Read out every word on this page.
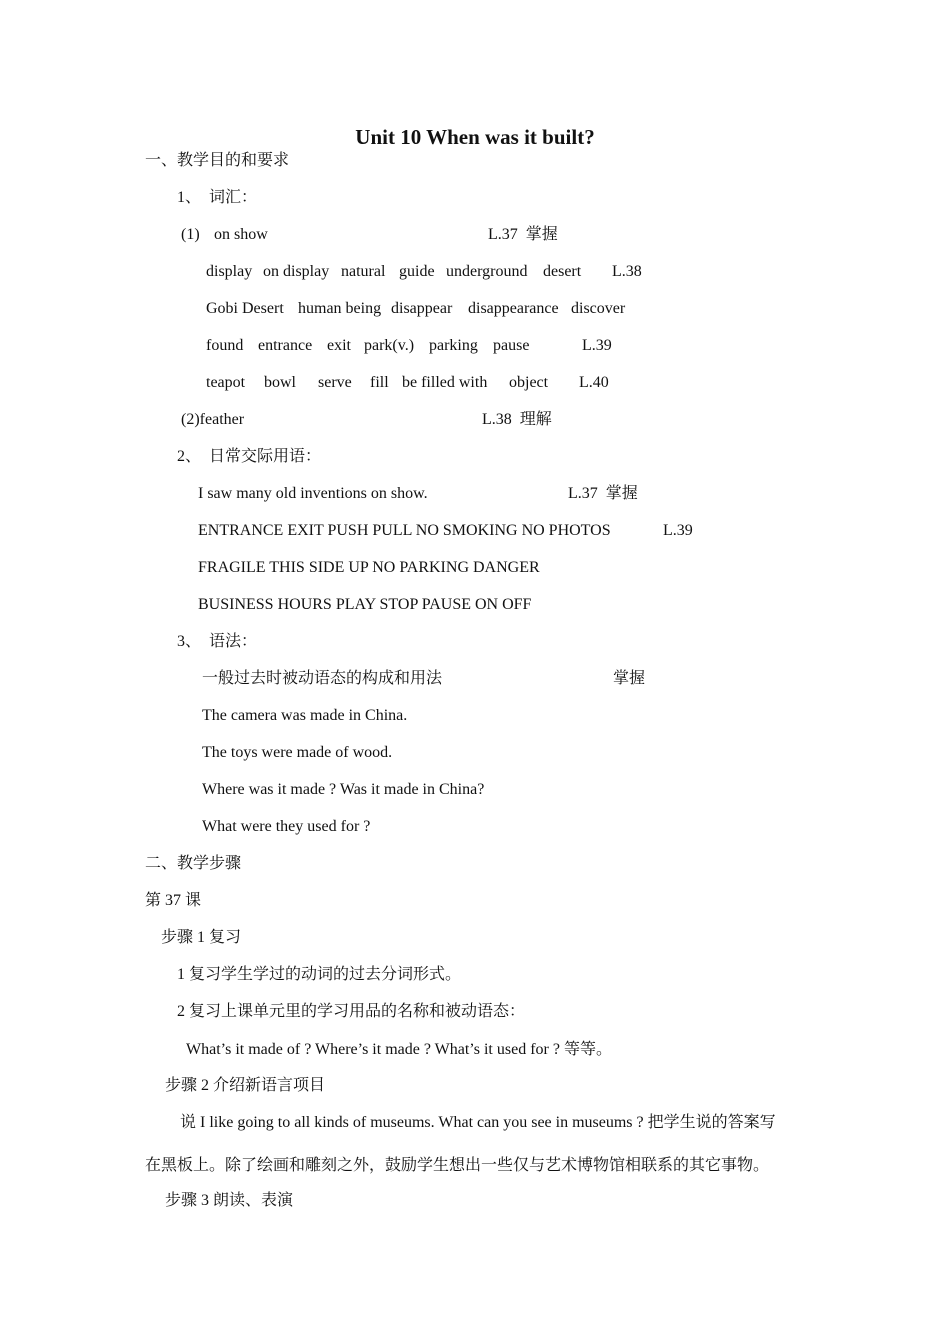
Unit 10 When was it built?
一、教学目的和要求
1、  词汇：
(1) on show	L.37  掌握
display on display natural guide underground desert L.38
Gobi Desert human being disappear disappearance discover
found entrance exit park(v.) parking pause	L.39
teapot bowl serve fill be filled with object L.40
(2)feather	L.38  理解
2、  日常交际用语：
I saw many old inventions on show.	L.37  掌握
ENTRANCE EXIT PUSH PULL NO SMOKING NO PHOTOS	L.39
FRAGILE THIS SIDE UP NO PARKING DANGER
BUSINESS HOURS PLAY STOP PAUSE ON OFF
3、  语法：
一般过去时被动语态的构成和用法	掌握
The camera was made in China.
The toys were made of wood.
Where was it made ? Was it made in China?
What were they used for ?
二、教学步骤
第 37 课
步骤 1 复习
1 复习学生学过的动词的过去分词形式。
2 复习上课单元里的学习用品的名称和被动语态：
What’s it made of ? Where’s it made ? What’s it used for ? 等等。
步骤 2 介绍新语言项目
说 I like going to all kinds of museums. What can you see in museums ? 把学生说的答案写
在黑板上。除了绘画和雕刻之外，鼓励学生想出一些仅与艺术博物馆相联系的其它事物。
步骤 3 朗读、表演
